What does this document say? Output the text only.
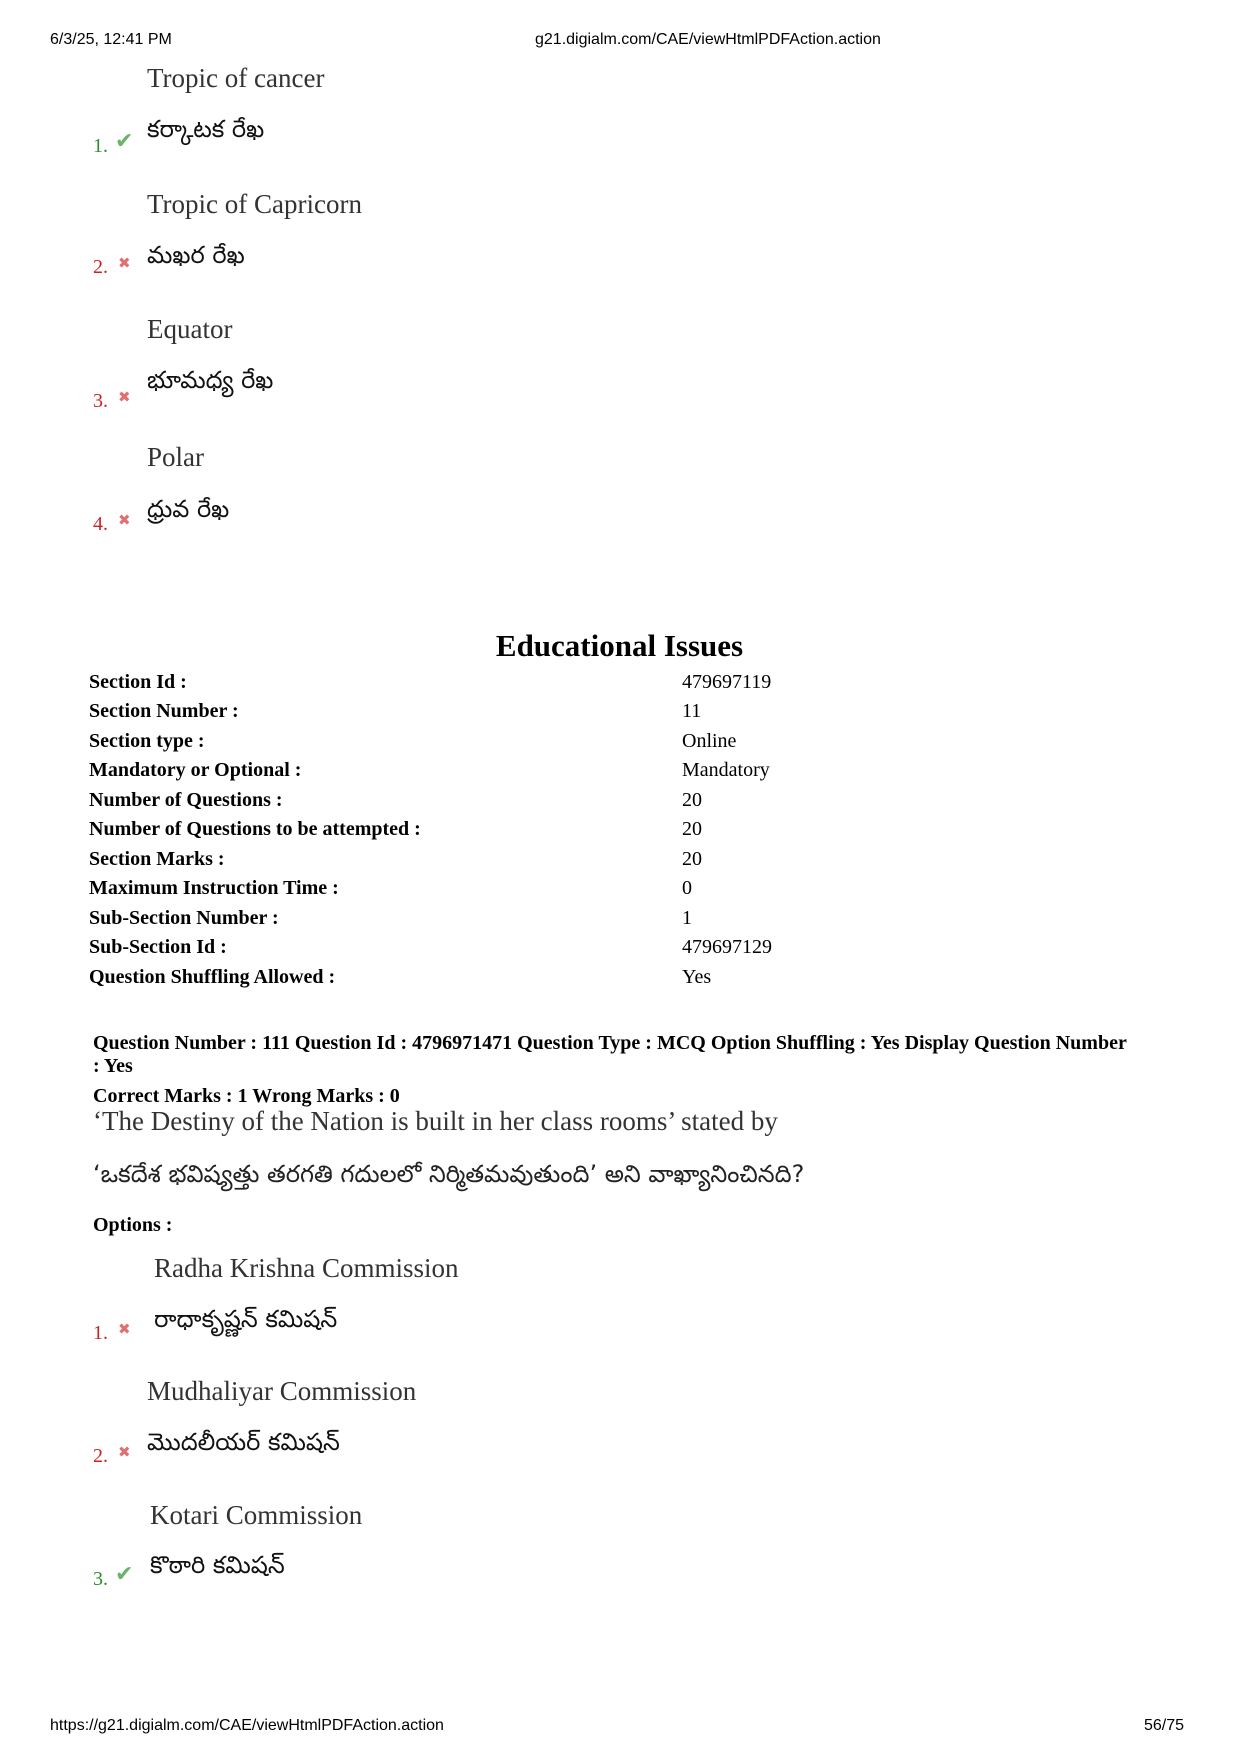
6/3/25, 12:41 PM	g21.digialm.com/CAE/viewHtmlPDFAction.action
Tropic of cancer
1. ✔ కర్కాటక రేఖ
Tropic of Capricorn
2. ✖ మఖర రేఖ
Equator
3. ✖
భూమధ్య రేఖ
Polar
4. ✖ ధ్రువ రేఖ
Educational Issues
Section Id :	479697119
Section Number :	11
Section type :	Online
Mandatory or Optional :	Mandatory
Number of Questions :	20
Number of Questions to be attempted :	20
Section Marks :	20
Maximum Instruction Time :	0
Sub-Section Number :	1
Sub-Section Id :	479697129
Question Shuffling Allowed :	Yes
Question Number : 111 Question Id : 4796971471 Question Type : MCQ Option Shuffling : Yes Display Question Number : Yes
Correct Marks : 1 Wrong Marks : 0
‘The Destiny of the Nation is built in her class rooms’ stated by
‘ఒకదేశ భవిష్యత్తు తరగతి గదులలో నిర్మితమవుతుంది’ అని వాఖ్యానించినది?
Options :
Radha Krishna Commission
1. ✖ రాధాకృష్ణన్ కమిషన్
Mudhaliyar Commission
2. ✖ మొదలీయర్ కమిషన్
Kotari Commission
3. ✔ కొఠారి కమిషన్
https://g21.digialm.com/CAE/viewHtmlPDFAction.action	56/75
